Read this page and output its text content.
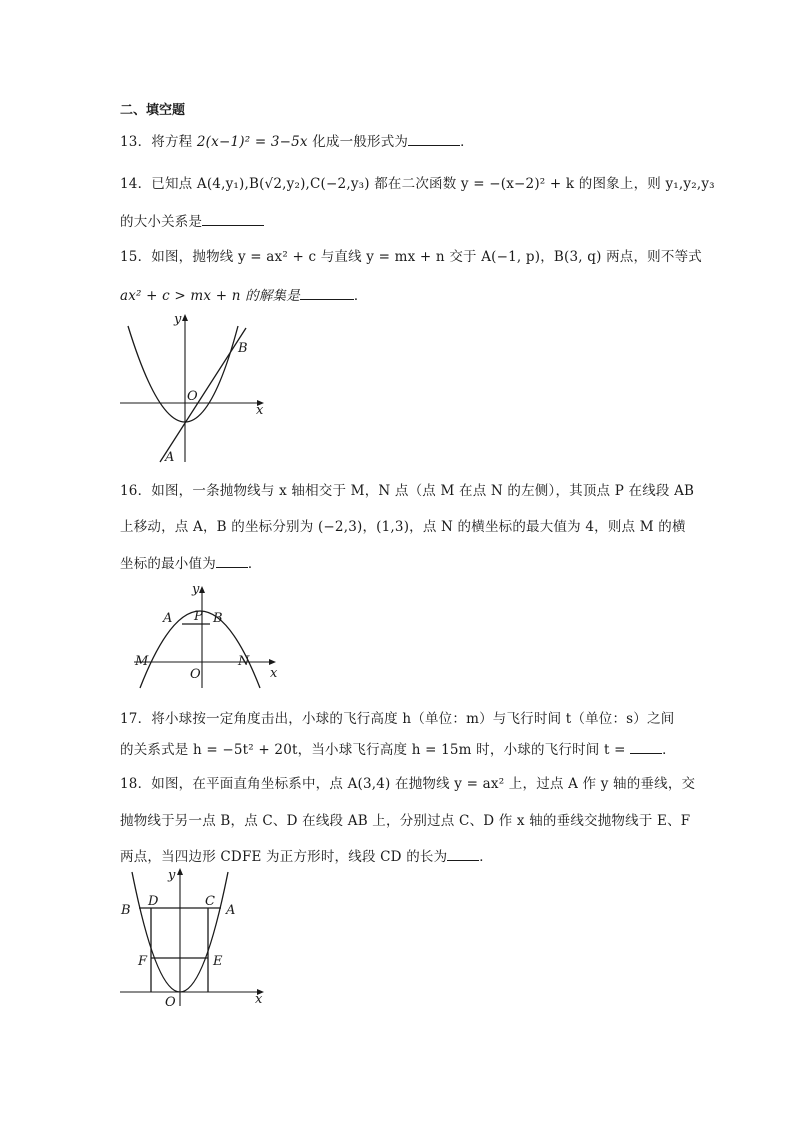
二、填空题
13．将方程 2(x−1)² = 3−5x 化成一般形式为	．
14．已知点 A(4,y₁),B(√2,y₂),C(−2,y₃) 都在二次函数 y = −(x−2)² + k 的图象上，则 y₁,y₂,y₃
的大小关系是
15．如图，抛物线 y = ax² + c 与直线 y = mx + n 交于 A(−1, p)，B(3, q) 两点，则不等式
ax² + c > mx + n 的解集是	．
y
x
O
A
B
16．如图，一条抛物线与 x 轴相交于 M，N 点（点 M 在点 N 的左侧），其顶点 P 在线段 AB
上移动，点 A，B 的坐标分别为 (−2,3)，(1,3)，点 N 的横坐标的最大值为 4，则点 M 的横
坐标的最小值为 ．
y
x
O
A P B
M	N
17．将小球按一定角度击出，小球的飞行高度 h（单位：m）与飞行时间 t（单位：s）之间
的关系式是 h = −5t² + 20t，当小球飞行高度 h = 15m 时，小球的飞行时间 t =	．
18．如图，在平面直角坐标系中，点 A(3,4) 在抛物线 y = ax² 上，过点 A 作 y 轴的垂线，交
抛物线于另一点 B，点 C、D 在线段 AB 上，分别过点 C、D 作 x 轴的垂线交抛物线于 E、F
两点，当四边形 CDFE 为正方形时，线段 CD 的长为 ．
y
x
O
B
D	C
A
F	E
